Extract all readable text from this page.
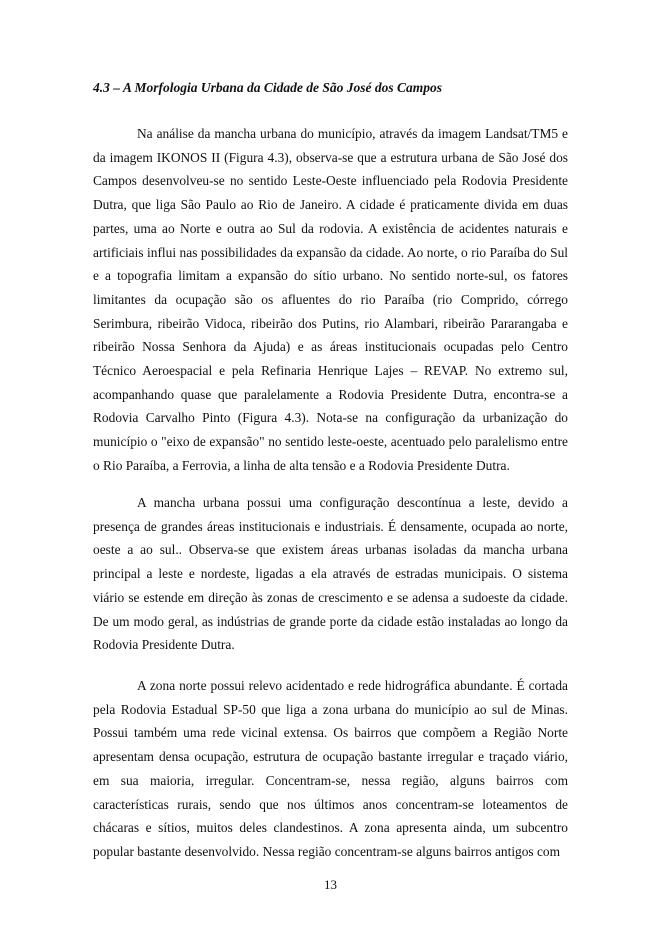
4.3 – A Morfologia Urbana da Cidade de São José dos Campos

Na análise da mancha urbana do município, através da imagem Landsat/TM5 e da imagem IKONOS II (Figura 4.3), observa-se que a estrutura urbana de São José dos Campos desenvolveu-se no sentido Leste-Oeste influenciado pela Rodovia Presidente Dutra, que liga São Paulo ao Rio de Janeiro. A cidade é praticamente divida em duas partes, uma ao Norte e outra ao Sul da rodovia. A existência de acidentes naturais e artificiais influi nas possibilidades da expansão da cidade. Ao norte, o rio Paraíba do Sul e a topografia limitam a expansão do sítio urbano. No sentido norte-sul, os fatores limitantes da ocupação são os afluentes do rio Paraíba (rio Comprido, córrego Serimbura, ribeirão Vidoca, ribeirão dos Putins, rio Alambari, ribeirão Pararangaba e ribeirão Nossa Senhora da Ajuda) e as áreas institucionais ocupadas pelo Centro Técnico Aeroespacial e pela Refinaria Henrique Lajes – REVAP. No extremo sul, acompanhando quase que paralelamente a Rodovia Presidente Dutra, encontra-se a Rodovia Carvalho Pinto (Figura 4.3). Nota-se na configuração da urbanização do município o "eixo de expansão" no sentido leste-oeste, acentuado pelo paralelismo entre o Rio Paraíba, a Ferrovia, a linha de alta tensão e a Rodovia Presidente Dutra.

A mancha urbana possui uma configuração descontínua a leste, devido a presença de grandes áreas institucionais e industriais. É densamente, ocupada ao norte, oeste a ao sul.. Observa-se que existem áreas urbanas isoladas da mancha urbana principal a leste e nordeste, ligadas a ela através de estradas municipais. O sistema viário se estende em direção às zonas de crescimento e se adensa a sudoeste da cidade. De um modo geral, as indústrias de grande porte da cidade estão instaladas ao longo da Rodovia Presidente Dutra.

A zona norte possui relevo acidentado e rede hidrográfica abundante. É cortada pela Rodovia Estadual SP-50 que liga a zona urbana do município ao sul de Minas. Possui também uma rede vicinal extensa. Os bairros que compõem a Região Norte apresentam densa ocupação, estrutura de ocupação bastante irregular e traçado viário, em sua maioria, irregular. Concentram-se, nessa região, alguns bairros com características rurais, sendo que nos últimos anos concentram-se loteamentos de chácaras e sítios, muitos deles clandestinos. A zona apresenta ainda, um subcentro popular bastante desenvolvido. Nessa região concentram-se alguns bairros antigos com

13
